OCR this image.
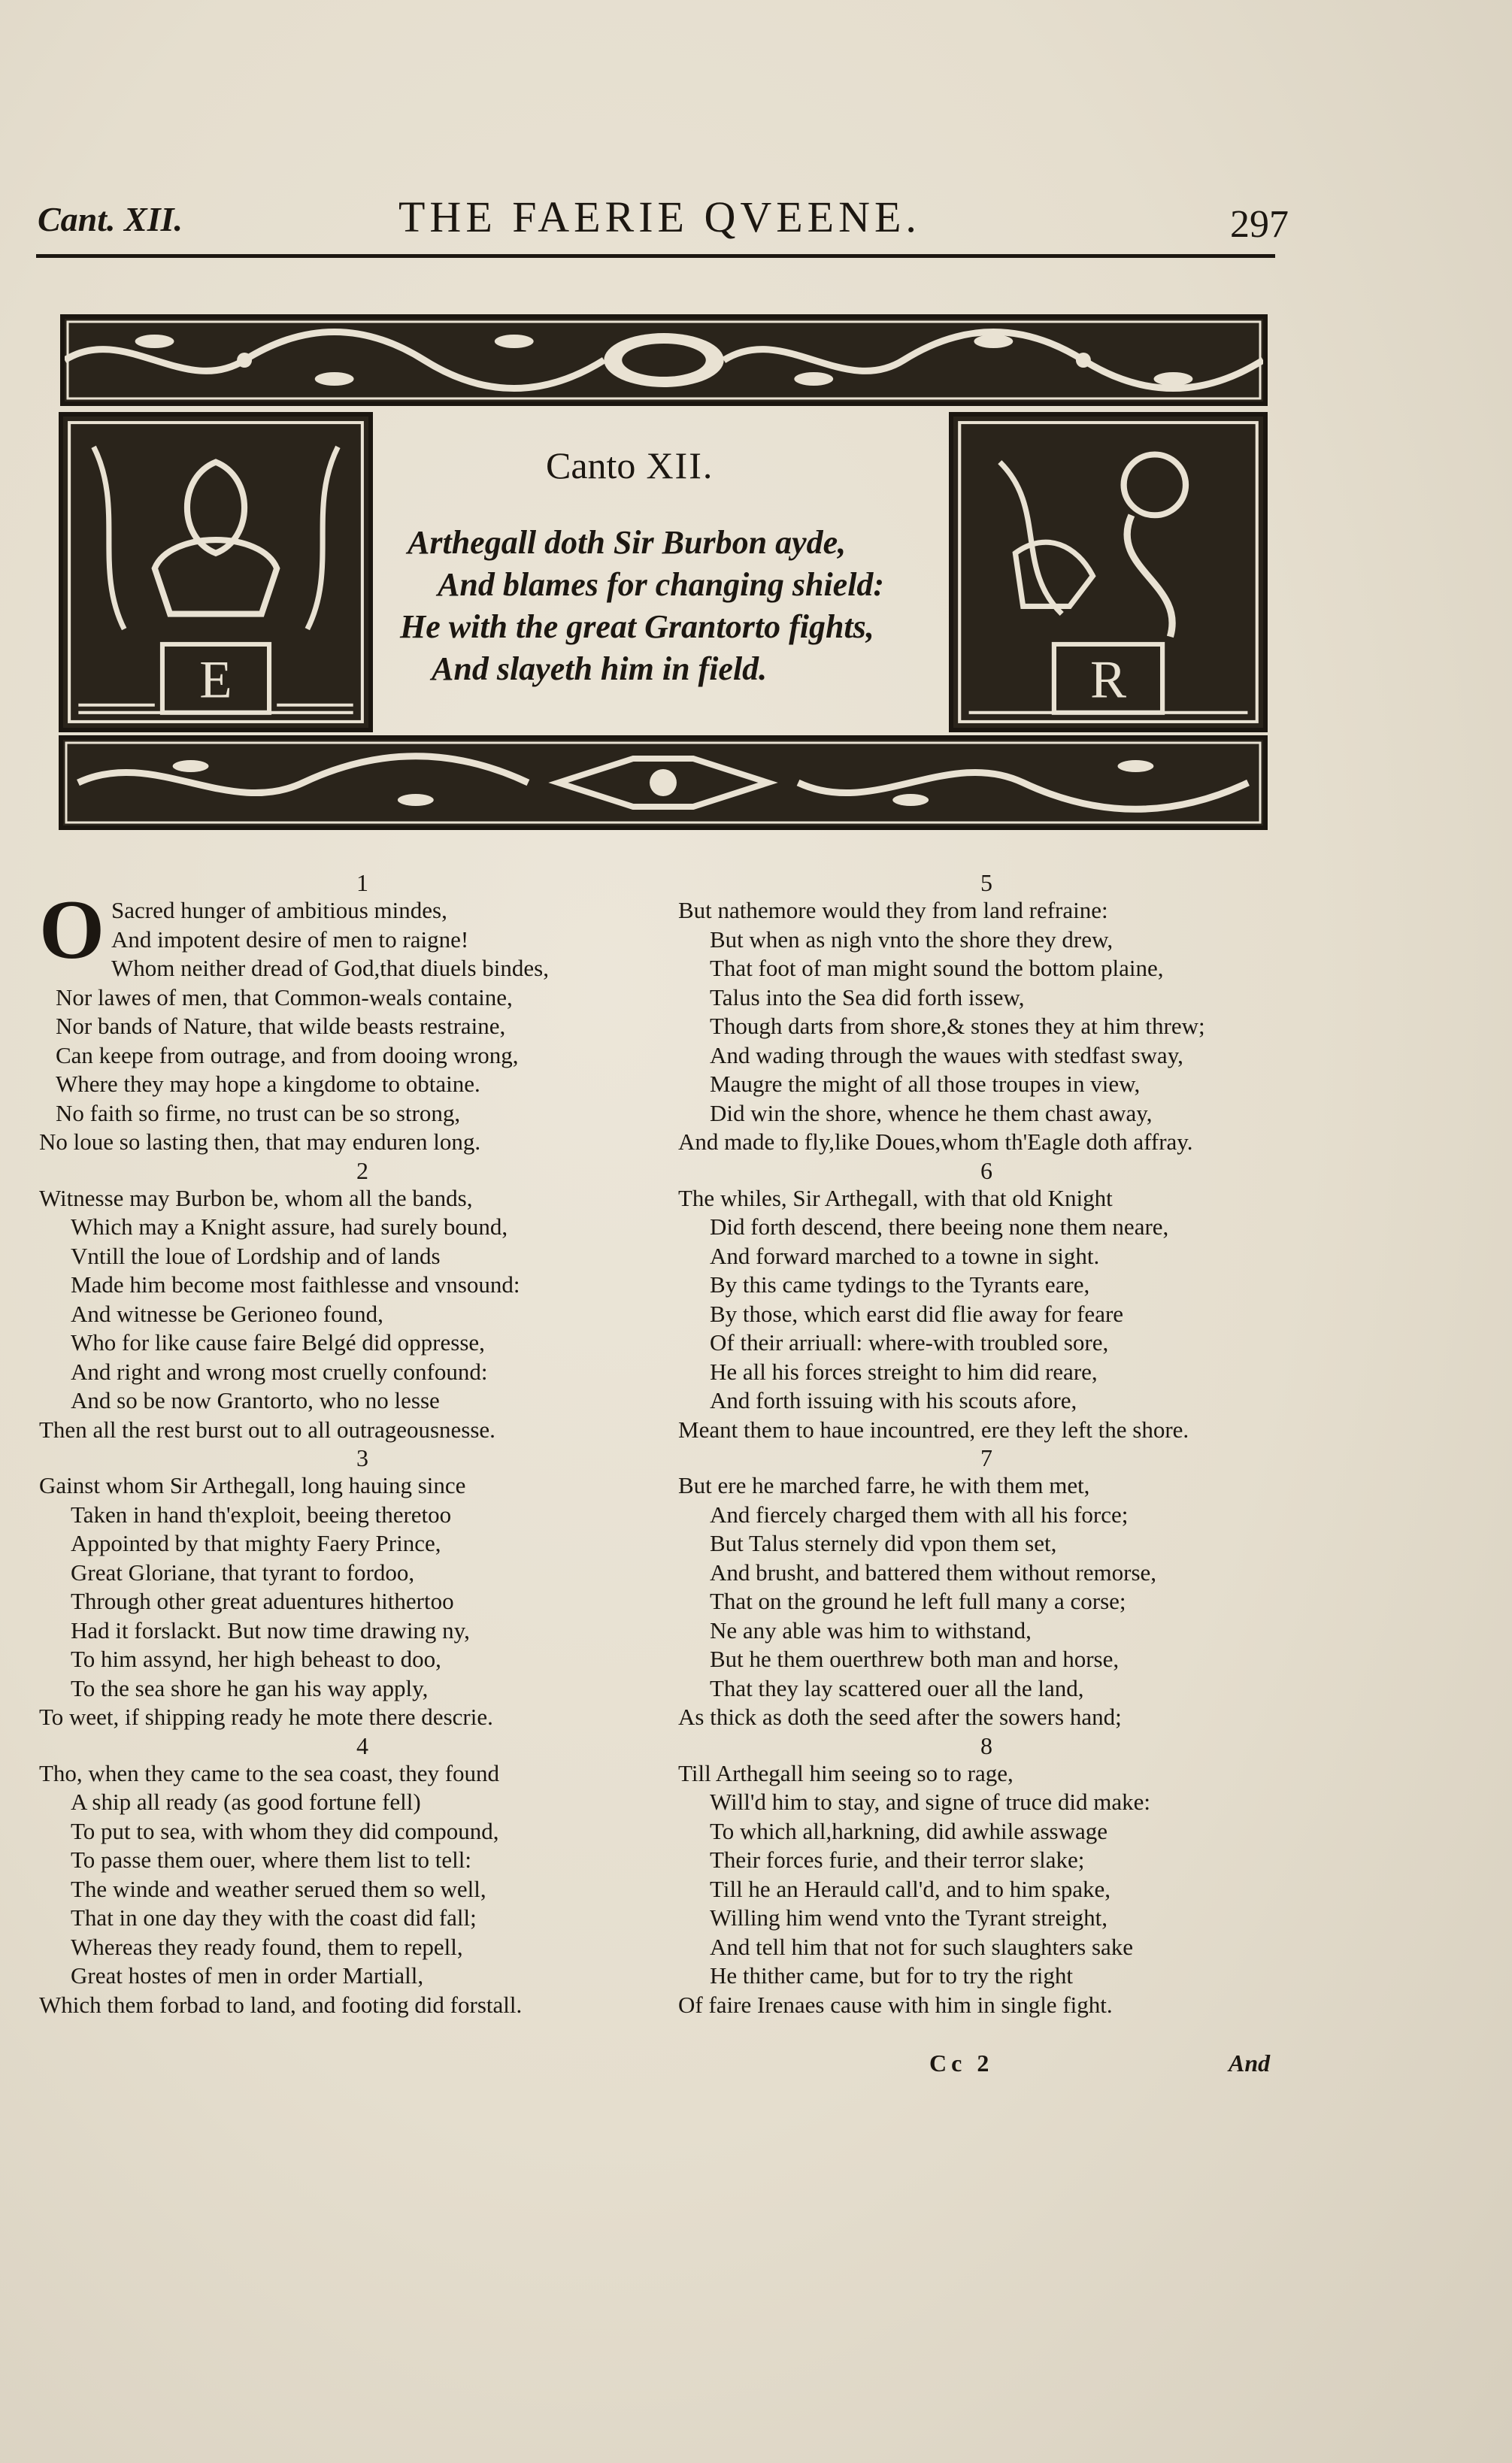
Cant. XII.	THE FAERIE QVEENE.	297
E
Canto XII.
Arthegall doth Sir Burbon ayde,
And blames for changing shield:
He with the great Grantorto fights,
And slayeth him in field.	R
1
O Sacred hunger of ambitious mindes,
And impotent desire of men to raigne!
Whom neither dread of God,that diuels bindes,
Nor lawes of men, that Common-weals containe,
Nor bands of Nature, that wilde beasts restraine,
Can keepe from outrage, and from dooing wrong,
Where they may hope a kingdome to obtaine.
No faith so firme, no trust can be so strong,
No loue so lasting then, that may enduren long.
2
Witnesse may Burbon be, whom all the bands,
Which may a Knight assure, had surely bound,
Vntill the loue of Lordship and of lands
Made him become most faithlesse and vnsound:
And witnesse be Gerioneo found,
Who for like cause faire Belgé did oppresse,
And right and wrong most cruelly confound:
And so be now Grantorto, who no lesse
Then all the rest burst out to all outrageousnesse.
3
Gainst whom Sir Arthegall, long hauing since
Taken in hand th'exploit, beeing theretoo
Appointed by that mighty Faery Prince,
Great Gloriane, that tyrant to fordoo,
Through other great aduentures hithertoo
Had it forslackt. But now time drawing ny,
To him assynd, her high beheast to doo,
To the sea shore he gan his way apply,
To weet, if shipping ready he mote there descrie.
4
Tho, when they came to the sea coast, they found
A ship all ready (as good fortune fell)
To put to sea, with whom they did compound,
To passe them ouer, where them list to tell:
The winde and weather serued them so well,
That in one day they with the coast did fall;
Whereas they ready found, them to repell,
Great hostes of men in order Martiall,
Which them forbad to land, and footing did forstall.
5
But nathemore would they from land refraine:
But when as nigh vnto the shore they drew,
That foot of man might sound the bottom plaine,
Talus into the Sea did forth issew,
Though darts from shore,& stones they at him threw;
And wading through the waues with stedfast sway,
Maugre the might of all those troupes in view,
Did win the shore, whence he them chast away,
And made to fly,like Doues,whom th'Eagle doth affray.
6
The whiles, Sir Arthegall, with that old Knight
Did forth descend, there beeing none them neare,
And forward marched to a towne in sight.
By this came tydings to the Tyrants eare,
By those, which earst did flie away for feare
Of their arriuall: where-with troubled sore,
He all his forces streight to him did reare,
And forth issuing with his scouts afore,
Meant them to haue incountred, ere they left the shore.
7
But ere he marched farre, he with them met,
And fiercely charged them with all his force;
But Talus sternely did vpon them set,
And brusht, and battered them without remorse,
That on the ground he left full many a corse;
Ne any able was him to withstand,
But he them ouerthrew both man and horse,
That they lay scattered ouer all the land,
As thick as doth the seed after the sowers hand;
8
Till Arthegall him seeing so to rage,
Will'd him to stay, and signe of truce did make:
To which all,harkning, did awhile asswage
Their forces furie, and their terror slake;
Till he an Herauld call'd, and to him spake,
Willing him wend vnto the Tyrant streight,
And tell him that not for such slaughters sake
He thither came, but for to try the right
Of faire Irenaes cause with him in single fight.
Cc 2	And
